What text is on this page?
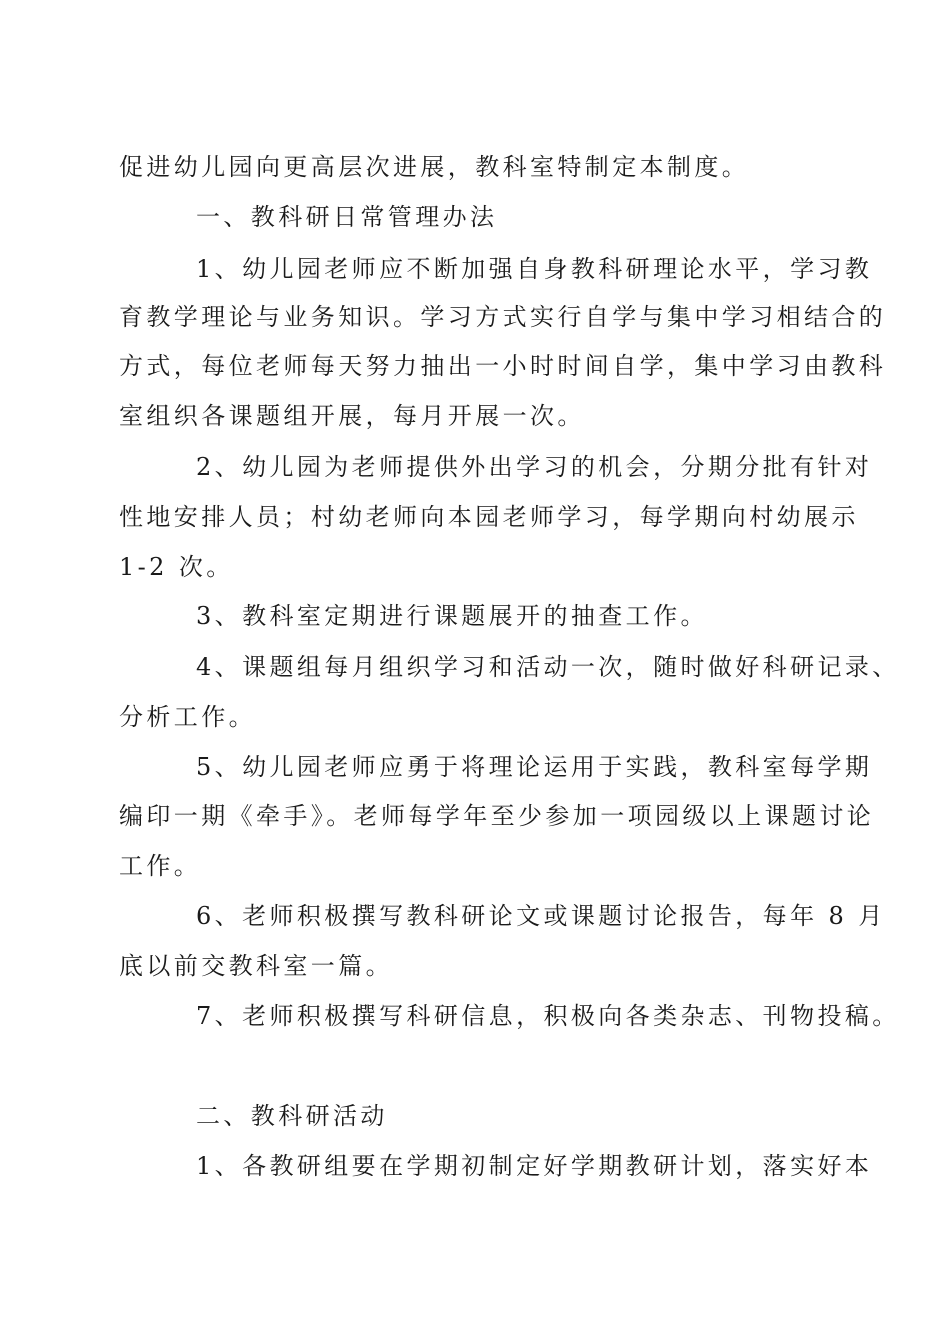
促进幼儿园向更高层次进展，教科室特制定本制度。
一、教科研日常管理办法
1、幼儿园老师应不断加强自身教科研理论水平，学习教
育教学理论与业务知识。学习方式实行自学与集中学习相结合的
方式，每位老师每天努力抽出一小时时间自学，集中学习由教科
室组织各课题组开展，每月开展一次。
2、幼儿园为老师提供外出学习的机会，分期分批有针对
性地安排人员；村幼老师向本园老师学习，每学期向村幼展示
1-2 次。
3、教科室定期进行课题展开的抽查工作。
4、课题组每月组织学习和活动一次，随时做好科研记录、
分析工作。
5、幼儿园老师应勇于将理论运用于实践，教科室每学期
编印一期《牵手》。老师每学年至少参加一项园级以上课题讨论
工作。
6、老师积极撰写教科研论文或课题讨论报告，每年 8 月
底以前交教科室一篇。
7、老师积极撰写科研信息，积极向各类杂志、刊物投稿。
二、教科研活动
1、各教研组要在学期初制定好学期教研计划，落实好本
